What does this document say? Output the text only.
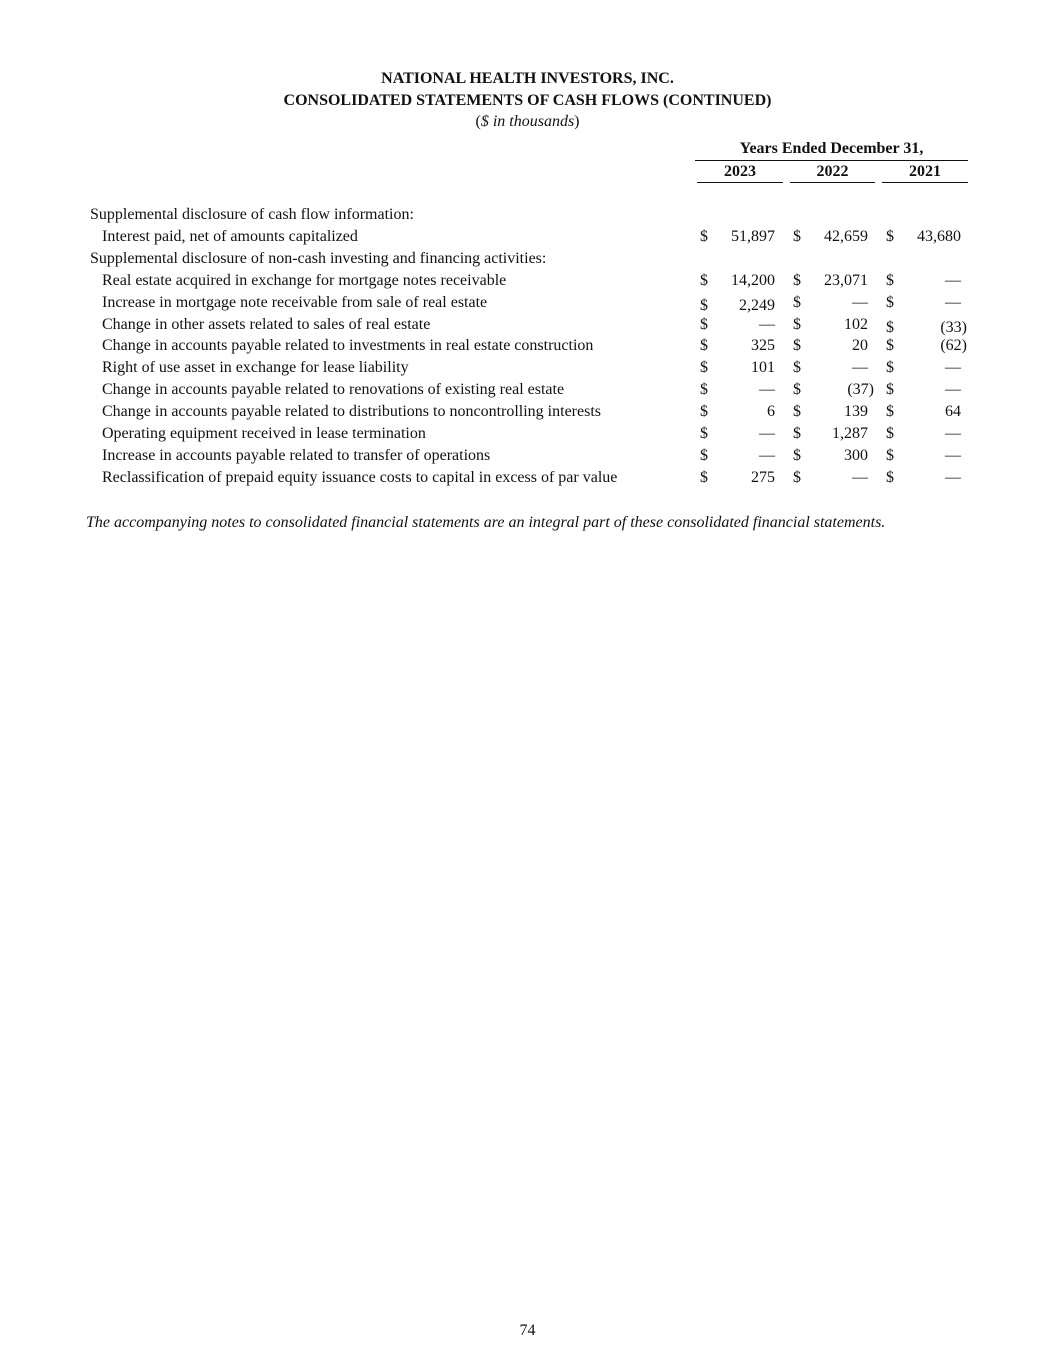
NATIONAL HEALTH INVESTORS, INC.
CONSOLIDATED STATEMENTS OF CASH FLOWS (CONTINUED)
($ in thousands)
Years Ended December 31,
2023	2022	2021
Supplemental disclosure of cash flow information:
Interest paid, net of amounts capitalized	$ 51,897 $ 42,659 $ 43,680
Supplemental disclosure of non-cash investing and financing activities:
Real estate acquired in exchange for mortgage notes receivable	$ 14,200 $ 23,071 $	—
Increase in mortgage note receivable from sale of real estate	$ 2,249 $	— $	—
Change in other assets related to sales of real estate	$	— $	102 $	(33)
Change in accounts payable related to investments in real estate construction	$	325 $	20 $	(62)
Right of use asset in exchange for lease liability	$	101 $	— $	—
Change in accounts payable related to renovations of existing real estate	$	— $	(37) $	—
Change in accounts payable related to distributions to noncontrolling interests	$	6 $	139 $	64
Operating equipment received in lease termination	$	— $ 1,287 $	—
Increase in accounts payable related to transfer of operations	$	— $	300 $	—
Reclassification of prepaid equity issuance costs to capital in excess of par value	$	275 $	— $	—
The accompanying notes to consolidated financial statements are an integral part of these consolidated financial statements.
74
